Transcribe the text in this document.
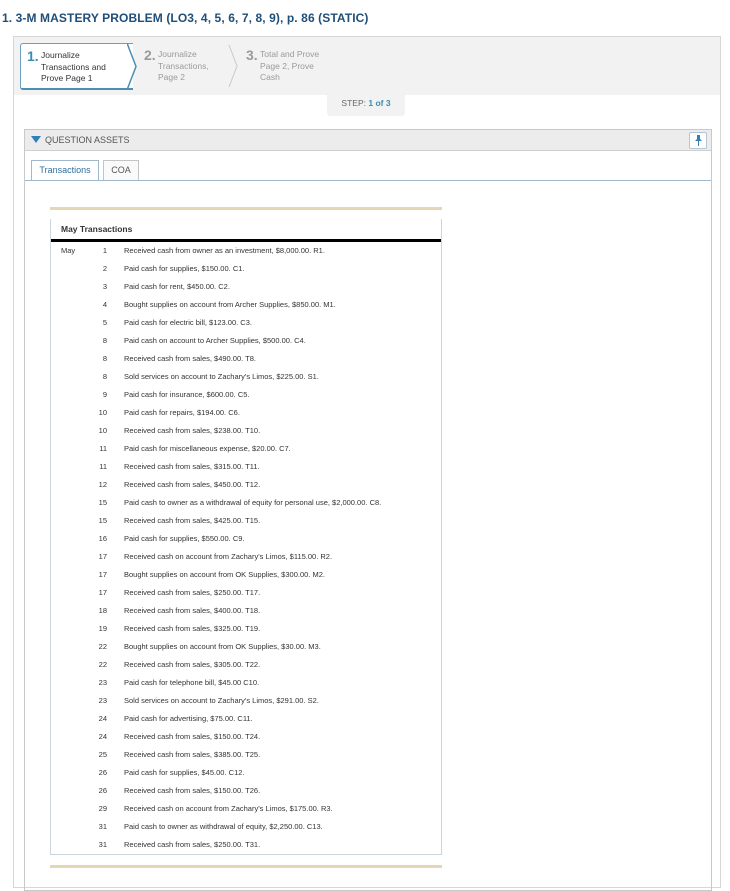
1. 3-M MASTERY PROBLEM (LO3, 4, 5, 6, 7, 8, 9), p. 86 (STATIC)
1. Journalize Transactions and Prove Page 1
2. Journalize Transactions, Page 2
3. Total and Prove Page 2, Prove Cash
STEP: 1 of 3
QUESTION ASSETS
Transactions	COA
May Transactions
May	1 Received cash from owner as an investment, $8,000.00. R1.
2 Paid cash for supplies, $150.00. C1.
3 Paid cash for rent, $450.00. C2.
4 Bought supplies on account from Archer Supplies, $850.00. M1.
5 Paid cash for electric bill, $123.00. C3.
8 Paid cash on account to Archer Supplies, $500.00. C4.
8 Received cash from sales, $490.00. T8.
8 Sold services on account to Zachary's Limos, $225.00. S1.
9 Paid cash for insurance, $600.00. C5.
10 Paid cash for repairs, $194.00. C6.
10 Received cash from sales, $238.00. T10.
11 Paid cash for miscellaneous expense, $20.00. C7.
11 Received cash from sales, $315.00. T11.
12 Received cash from sales, $450.00. T12.
15 Paid cash to owner as a withdrawal of equity for personal use, $2,000.00. C8.
15 Received cash from sales, $425.00. T15.
16 Paid cash for supplies, $550.00. C9.
17 Received cash on account from Zachary's Limos, $115.00. R2.
17 Bought supplies on account from OK Supplies, $300.00. M2.
17 Received cash from sales, $250.00. T17.
18 Received cash from sales, $400.00. T18.
19 Received cash from sales, $325.00. T19.
22 Bought supplies on account from OK Supplies, $30.00. M3.
22 Received cash from sales, $305.00. T22.
23 Paid cash for telephone bill, $45.00 C10.
23 Sold services on account to Zachary's Limos, $291.00. S2.
24 Paid cash for advertising, $75.00. C11.
24 Received cash from sales, $150.00. T24.
25 Received cash from sales, $385.00. T25.
26 Paid cash for supplies, $45.00. C12.
26 Received cash from sales, $150.00. T26.
29 Received cash on account from Zachary's Limos, $175.00. R3.
31 Paid cash to owner as withdrawal of equity, $2,250.00. C13.
31 Received cash from sales, $250.00. T31.
